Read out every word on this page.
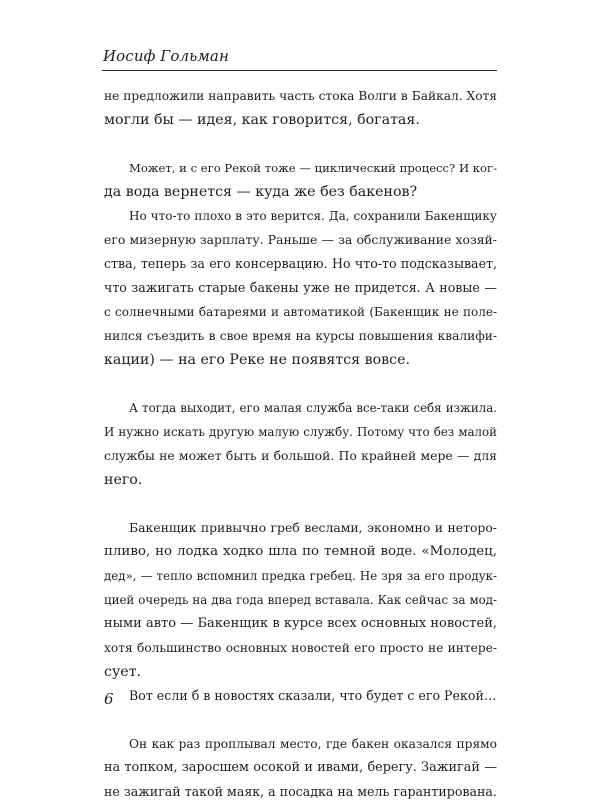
Иосиф Гольман

не предложили направить часть стока Волги в Байкал. Хотя
могли бы — идея, как говорится, богатая.

Может, и с его Рекой тоже — циклический процесс? И ког-
да вода вернется — куда же без бакенов?
Но что-то плохо в это верится. Да, сохранили Бакенщику
его мизерную зарплату. Раньше — за обслуживание хозяй-
ства, теперь за его консервацию. Но что-то подсказывает,
что зажигать старые бакены уже не придется. А новые —
с солнечными батареями и автоматикой (Бакенщик не поле-
нился съездить в свое время на курсы повышения квалифи-
кации) — на его Реке не появятся вовсе.

А тогда выходит, его малая служба все-таки себя изжила.
И нужно искать другую малую службу. Потому что без малой
службы не может быть и большой. По крайней мере — для
него.

Бакенщик привычно греб веслами, экономно и неторо-
пливо, но лодка ходко шла по темной воде. «Молодец,
дед», — тепло вспомнил предка гребец. Не зря за его продук-
цией очередь на два года вперед вставала. Как сейчас за мод-
ными авто — Бакенщик в курсе всех основных новостей,
хотя большинство основных новостей его просто не интере-
сует.
Вот если б в новостях сказали, что будет с его Рекой…

Он как раз проплывал место, где бакен оказался прямо
на топком, заросшем осокой и ивами, берегу. Зажигай —
не зажигай такой маяк, а посадка на мель гарантирована.

6
